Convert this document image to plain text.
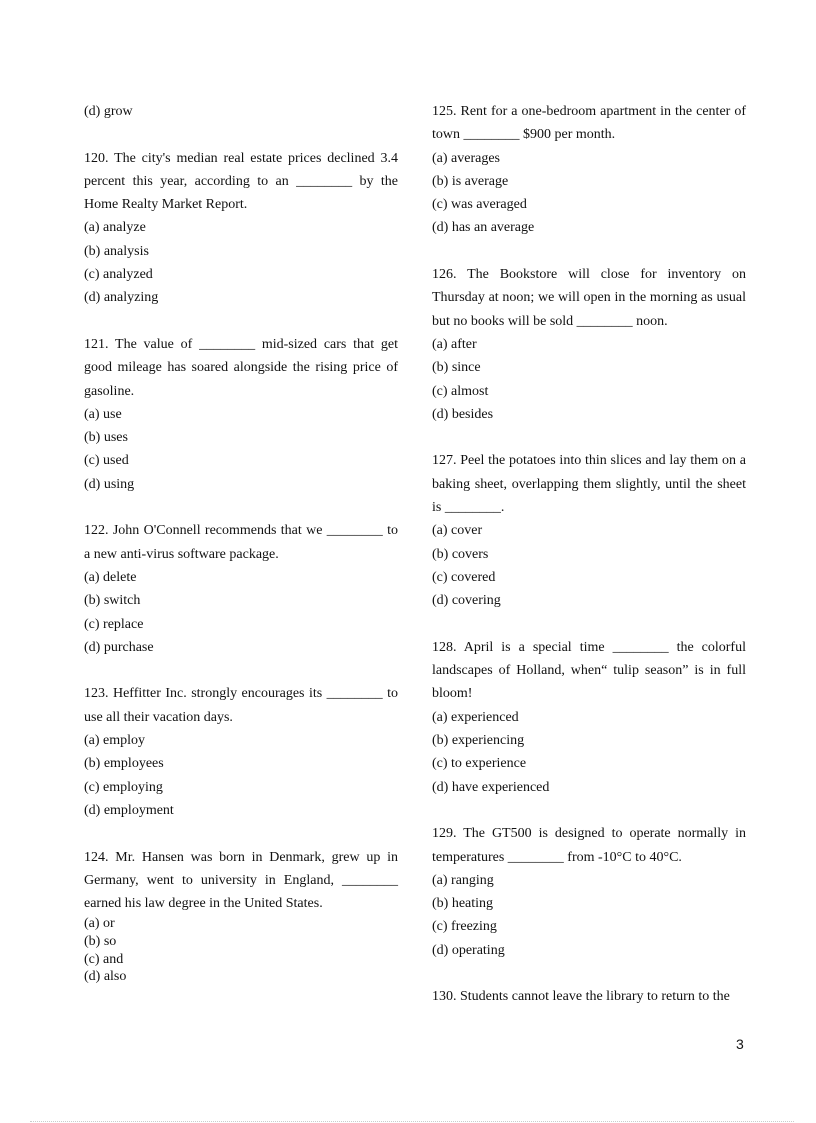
(d) grow
120. The city's median real estate prices declined 3.4 percent this year, according to an ________ by the Home Realty Market Report.
(a) analyze
(b) analysis
(c) analyzed
(d) analyzing
121. The value of ________ mid-sized cars that get good mileage has soared alongside the rising price of gasoline.
(a) use
(b) uses
(c) used
(d) using
122. John O'Connell recommends that we ________ to a new anti-virus software package.
(a) delete
(b) switch
(c) replace
(d) purchase
123. Heffitter Inc. strongly encourages its ________ to use all their vacation days.
(a) employ
(b) employees
(c) employing
(d) employment
124. Mr. Hansen was born in Denmark, grew up in Germany, went to university in England, ________ earned his law degree in the United States.
(a) or
(b) so
(c) and
(d) also
125. Rent for a one-bedroom apartment in the center of town ________ $900 per month.
(a) averages
(b) is average
(c) was averaged
(d) has an average
126. The Bookstore will close for inventory on Thursday at noon; we will open in the morning as usual but no books will be sold ________ noon.
(a) after
(b) since
(c) almost
(d) besides
127. Peel the potatoes into thin slices and lay them on a baking sheet, overlapping them slightly, until the sheet is ________.
(a) cover
(b) covers
(c) covered
(d) covering
128. April is a special time ________ the colorful landscapes of Holland, when“ tulip season” is in full bloom!
(a) experienced
(b) experiencing
(c) to experience
(d) have experienced
129. The GT500 is designed to operate normally in temperatures ________ from -10°C to 40°C.
(a) ranging
(b) heating
(c) freezing
(d) operating
130. Students cannot leave the library to return to the
3
